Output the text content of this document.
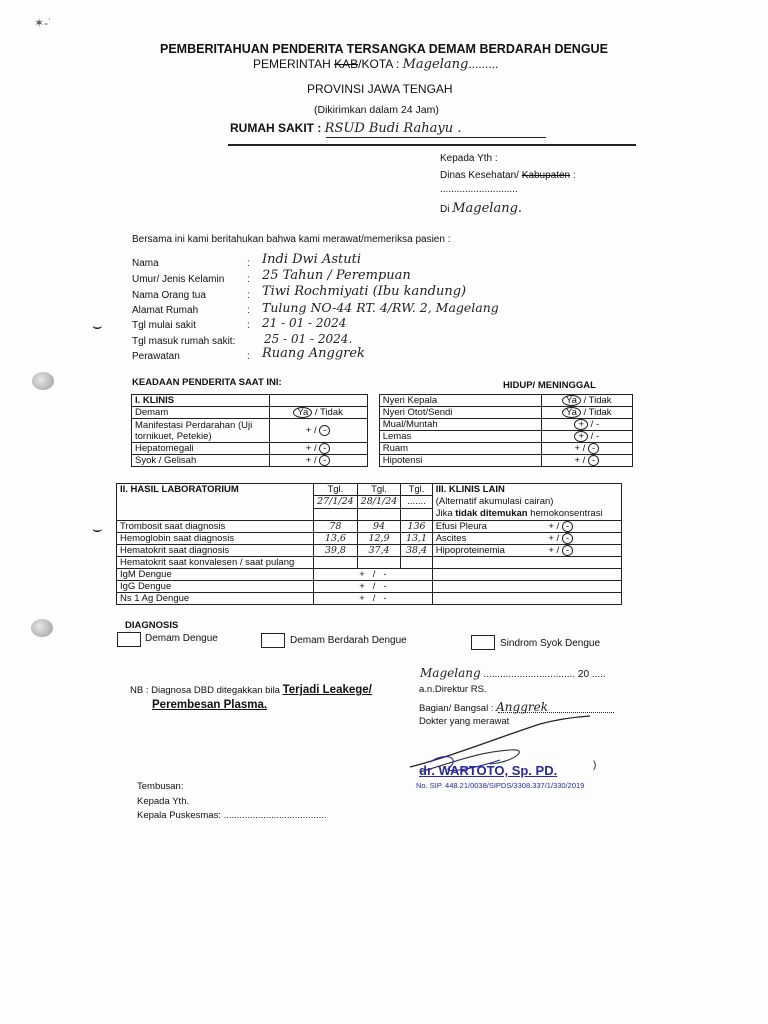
⌣
⌣
✶‐˙
PEMBERITAHUAN PENDERITA TERSANGKA DEMAM BERDARAH DENGUE
PEMERINTAH KAB/KOTA : Magelang.........
PROVINSI JAWA TENGAH
(Dikirimkan dalam 24 Jam)
RUMAH SAKIT : RSUD Budi Rahayu .
Kepada Yth :
Dinas Kesehatan/ Kabupaten :
............................
Di Magelang.
Bersama ini kami beritahukan bahwa kami merawat/memeriksa pasien :
Nama	: Indi Dwi Astuti
Umur/ Jenis Kelamin : 25 Tahun / Perempuan
Nama Orang tua	: Tiwi Rochmiyati (Ibu kandung)
Alamat Rumah	: Tulung NO-44 RT. 4/RW. 2, Magelang
Tgl mulai sakit	: 21 - 01 - 2024
Tgl masuk rumah sakit: 25 - 01 - 2024.
Perawatan	: Ruang Anggrek
KEADAAN PENDERITA SAAT INI:	HIDUP/ MENINGGAL
I. KLINIS			Nyeri Kepala	Ya / Tidak
Demam	Ya / Tidak		Nyeri Otot/Sendi	Ya / Tidak
Manifestasi Perdarahan (Uji
tornikuet, Petekie)	+ / -		Mual/Muntah	+ / -
			Lemas	+ / -
Hepatomegali	+ / -		Ruam	+ / -
Syok / Gelisah	+ / -		Hipotensi	+ / -
II. HASIL LABORATORIUM	Tgl.	Tgl.	Tgl.	III. KLINIS LAIN
(Alternatif akumulasi cairan)
	27/1/24	28/1/24	.......	
				Jika tidak ditemukan hemokonsentrasi
Trombosit saat diagnosis	78	94	136	Efusi Pleura + / -
Hemoglobin saat diagnosis	13,6	12,9	13,1	Ascites + / -
Hematokrit saat diagnosis	39,8	37,4	38,4	Hipoproteinemia + / -
Hematokrit saat konvalesen / saat pulang				
IgM Dengue	+   /   -			
IgG Dengue	+   /   -			
Ns 1 Ag Dengue	+   /   -			
DIAGNOSIS
Demam Dengue	Demam Berdarah Dengue	Sindrom Syok Dengue
NB : Diagnosa DBD ditegakkan bila Terjadi Leakege/
Perembesan Plasma.
Magelang ................................. 20 .....
a.n.Direktur RS.
Bagian/ Bangsal : Anggrek
Dokter yang merawat
dr. WARTOTO, Sp. PD.	)
No. SIP. 448.21/0038/SIPDS/3308.337/1/330/2019
Tembusan:
Kepada Yth.
Kepala Puskesmas: .......................................
